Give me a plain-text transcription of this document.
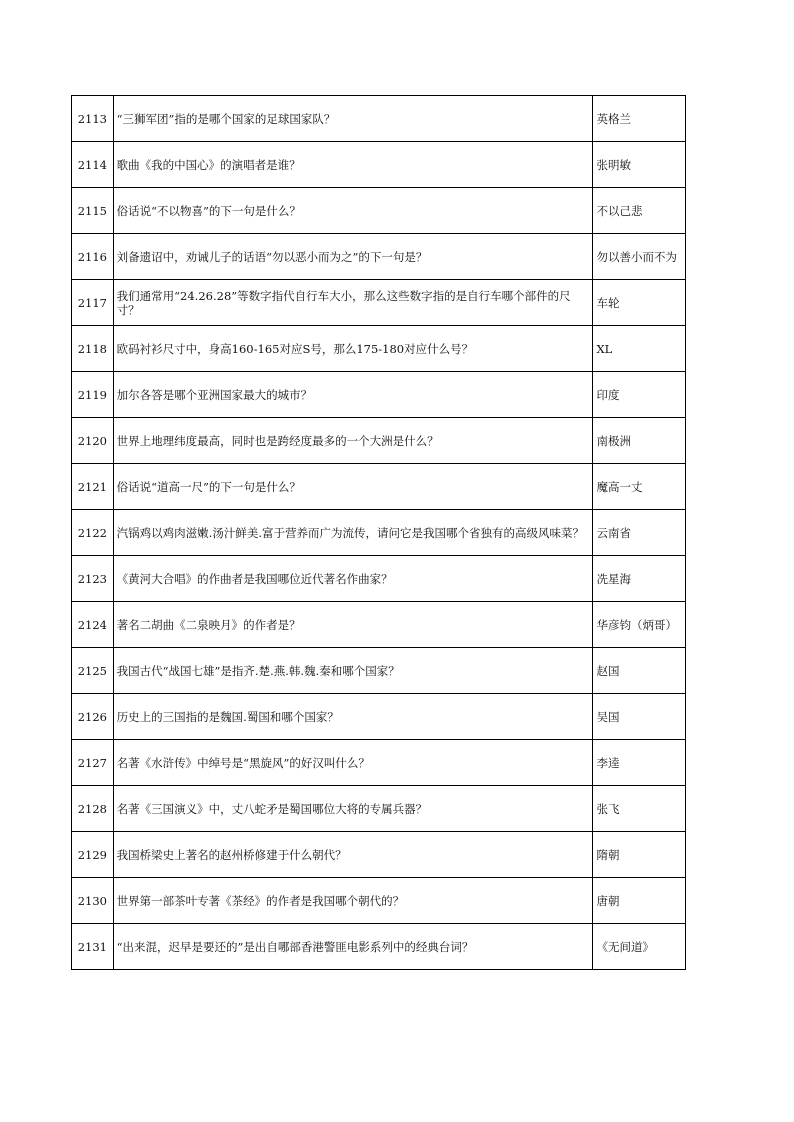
2113	“三狮军团”指的是哪个国家的足球国家队？	英格兰
2114	歌曲《我的中国心》的演唱者是谁？	张明敏
2115	俗话说“不以物喜”的下一句是什么？	不以己悲
2116	刘备遗诏中，劝诫儿子的话语“勿以恶小而为之”的下一句是？	勿以善小而不为
2117	我们通常用“24.26.28”等数字指代自行车大小，那么这些数字指的是自行车哪个部件的尺寸？	车轮
2118	欧码衬衫尺寸中，身高160-165对应S号，那么175-180对应什么号？	XL
2119	加尔各答是哪个亚洲国家最大的城市？	印度
2120	世界上地理纬度最高，同时也是跨经度最多的一个大洲是什么？	南极洲
2121	俗话说“道高一尺”的下一句是什么？	魔高一丈
2122	汽锅鸡以鸡肉滋嫩.汤汁鲜美.富于营养而广为流传，请问它是我国哪个省独有的高级风味菜？	云南省
2123	《黄河大合唱》的作曲者是我国哪位近代著名作曲家？	冼星海
2124	著名二胡曲《二泉映月》的作者是？	华彦钧（炳哥）
2125	我国古代“战国七雄”是指齐.楚.燕.韩.魏.秦和哪个国家？	赵国
2126	历史上的三国指的是魏国.蜀国和哪个国家？	吴国
2127	名著《水浒传》中绰号是“黑旋风”的好汉叫什么？	李逵
2128	名著《三国演义》中，丈八蛇矛是蜀国哪位大将的专属兵器？	张飞
2129	我国桥梁史上著名的赵州桥修建于什么朝代？	隋朝
2130	世界第一部茶叶专著《茶经》的作者是我国哪个朝代的？	唐朝
2131	“出来混，迟早是要还的”是出自哪部香港警匪电影系列中的经典台词？	《无间道》
